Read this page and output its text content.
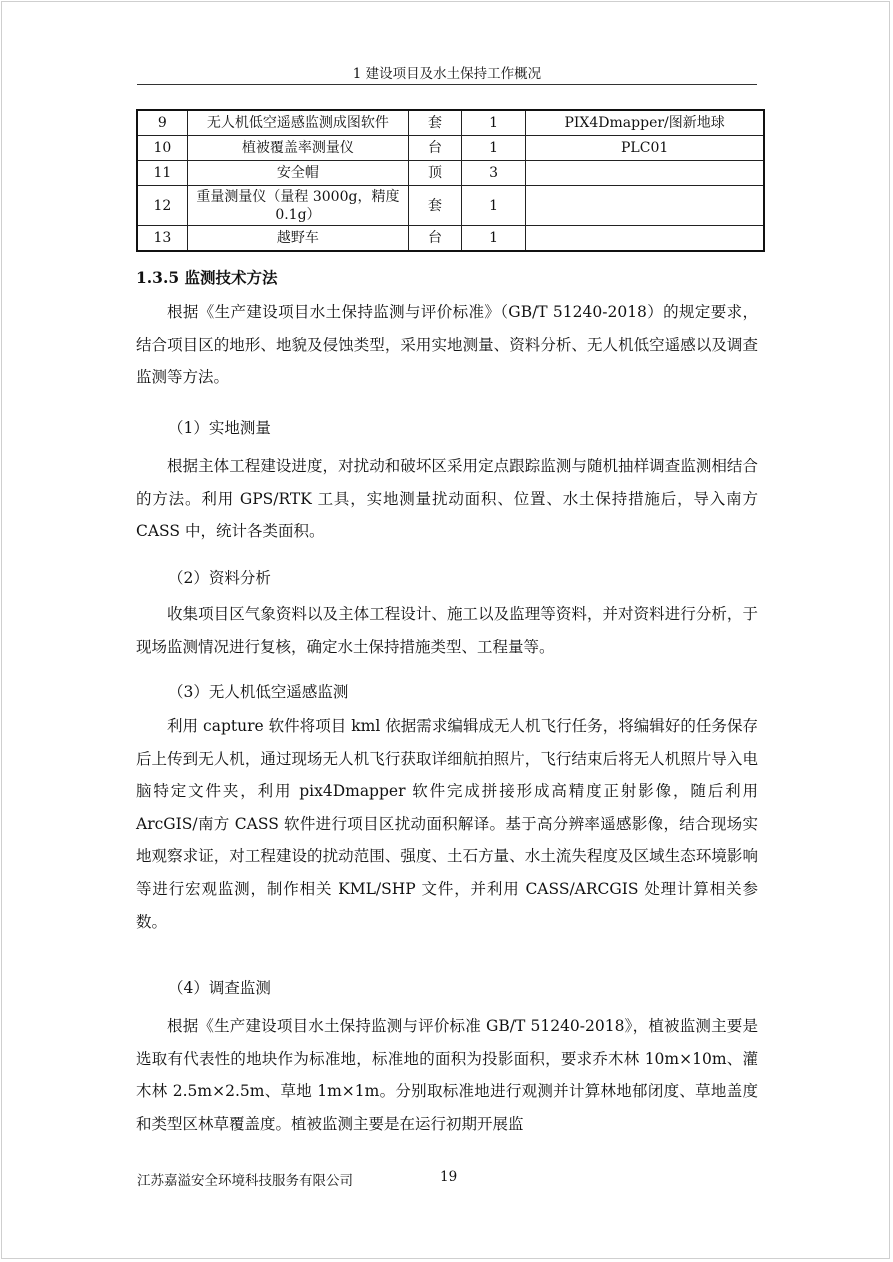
1 建设项目及水土保持工作概况
9	无人机低空遥感监测成图软件	套	1	PIX4Dmapper/图新地球
10	植被覆盖率测量仪	台	1	PLC01
11	安全帽	顶	3	
12	重量测量仪（量程 3000g，精度 0.1g）	套	1	
13	越野车	台	1	
1.3.5 监测技术方法

根据《生产建设项目水土保持监测与评价标准》（GB/T 51240-2018）的规定要求，结合项目区的地形、地貌及侵蚀类型，采用实地测量、资料分析、无人机低空遥感以及调查监测等方法。

（1）实地测量

根据主体工程建设进度，对扰动和破坏区采用定点跟踪监测与随机抽样调查监测相结合的方法。利用 GPS/RTK 工具，实地测量扰动面积、位置、水土保持措施后，导入南方 CASS 中，统计各类面积。

（2）资料分析

收集项目区气象资料以及主体工程设计、施工以及监理等资料，并对资料进行分析，于现场监测情况进行复核，确定水土保持措施类型、工程量等。

（3）无人机低空遥感监测

利用 capture 软件将项目 kml 依据需求编辑成无人机飞行任务，将编辑好的任务保存后上传到无人机，通过现场无人机飞行获取详细航拍照片，飞行结束后将无人机照片导入电脑特定文件夹，利用 pix4Dmapper 软件完成拼接形成高精度正射影像，随后利用 ArcGIS/南方 CASS 软件进行项目区扰动面积解译。基于高分辨率遥感影像，结合现场实地观察求证，对工程建设的扰动范围、强度、土石方量、水土流失程度及区域生态环境影响等进行宏观监测，制作相关 KML/SHP 文件，并利用 CASS/ARCGIS 处理计算相关参数。

（4）调查监测

根据《生产建设项目水土保持监测与评价标准 GB/T 51240-2018》，植被监测主要是选取有代表性的地块作为标准地，标准地的面积为投影面积，要求乔木林 10m×10m、灌木林 2.5m×2.5m、草地 1m×1m。分别取标准地进行观测并计算林地郁闭度、草地盖度和类型区林草覆盖度。植被监测主要是在运行初期开展监

江苏嘉溢安全环境科技服务有限公司	19
